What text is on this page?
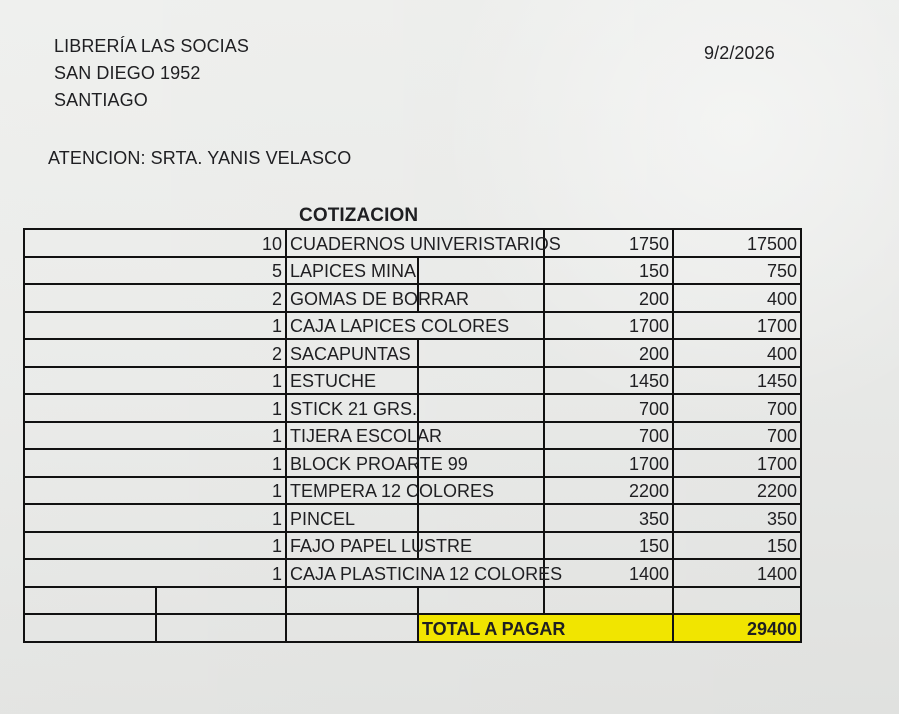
LIBRERÍA LAS SOCIAS
SAN DIEGO 1952
SANTIAGO
9/2/2026
ATENCION: SRTA. YANIS VELASCO
COTIZACION
10		CUADERNOS UNIVERISTARIOS		1750	17500
5		LAPICES MINA		150	750
2		GOMAS DE BORRAR		200	400
1		CAJA LAPICES COLORES		1700	1700
2		SACAPUNTAS		200	400
1		ESTUCHE		1450	1450
1		STICK 21 GRS.		700	700
1		TIJERA ESCOLAR		700	700
1		BLOCK PROARTE 99		1700	1700
1		TEMPERA 12 COLORES		2200	2200
1		PINCEL		350	350
1		FAJO PAPEL LUSTRE		150	150
1		CAJA PLASTICINA 12 COLORES		1400	1400

			TOTAL A PAGAR		29400
